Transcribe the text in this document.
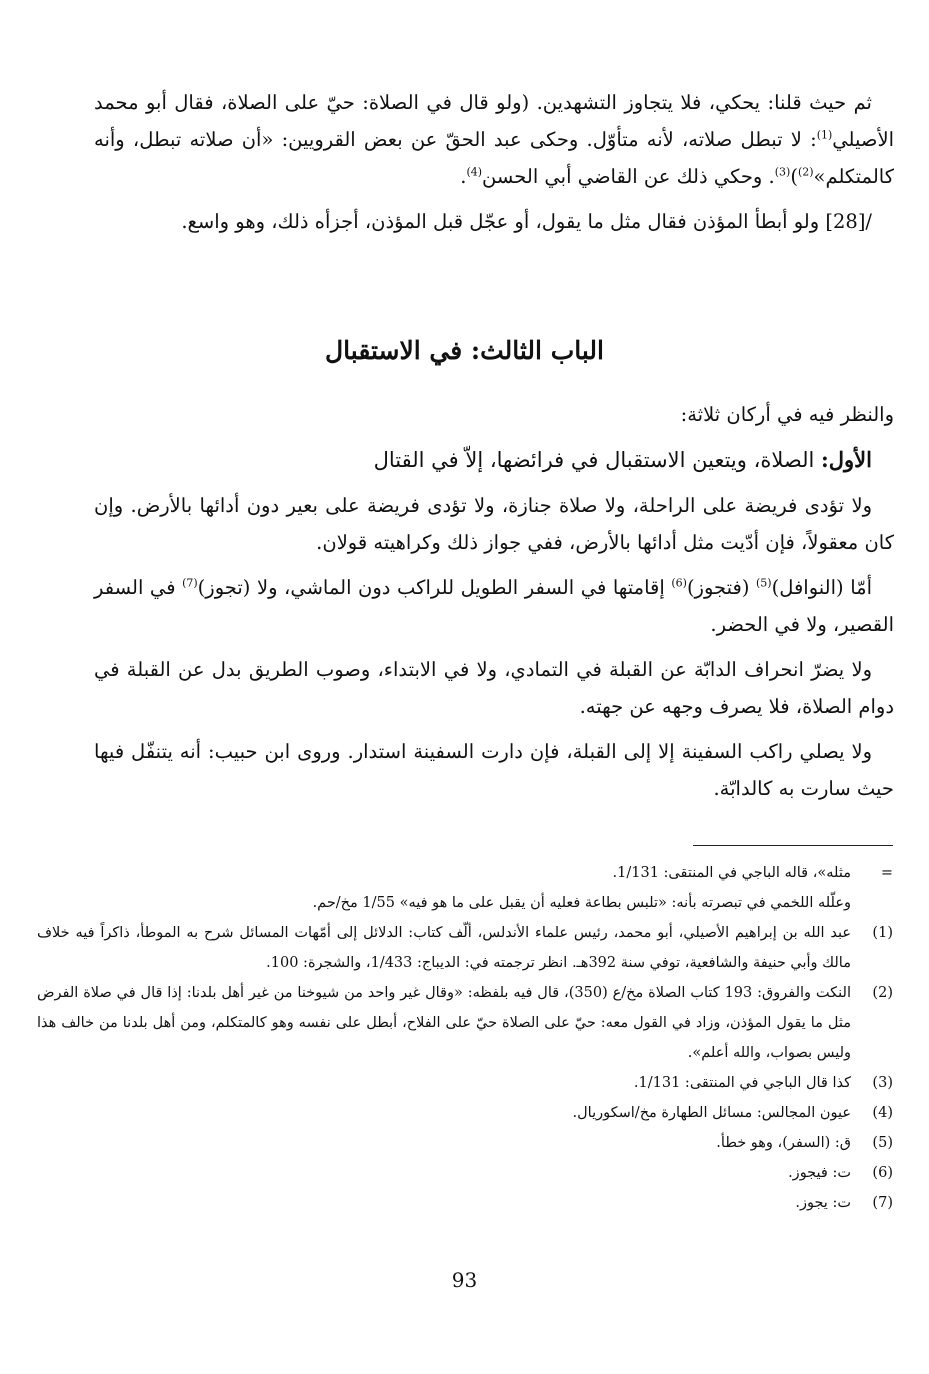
ثم حيث قلنا: يحكي، فلا يتجاوز التشهدين. (ولو قال في الصلاة: حيّ على الصلاة، فقال أبو محمد الأصيلي$^{(1)}$: لا تبطل صلاته، لأنه متأوّل. وحكى عبد الحقّ عن بعض القرويين: «أن صلاته تبطل، وأنه كالمتكلم»$^{(2)}$)$^{(3)}$. وحكي ذلك عن القاضي أبي الحسن$^{(4)}$.

/[28] ولو أبطأ المؤذن فقال مثل ما يقول، أو عجّل قبل المؤذن، أجزأه ذلك، وهو واسع.

الباب الثالث: في الاستقبال

والنظر فيه في أركان ثلاثة:

الأول: الصلاة، ويتعين الاستقبال في فرائضها، إلاّ في القتال

ولا تؤدى فريضة على الراحلة، ولا صلاة جنازة، ولا تؤدى فريضة على بعير دون أدائها بالأرض. وإن كان معقولاً، فإن أدّيت مثل أدائها بالأرض، ففي جواز ذلك وكراهيته قولان.

أمّا (النوافل)$^{(5)}$ (فتجوز)$^{(6)}$ إقامتها في السفر الطويل للراكب دون الماشي، ولا (تجوز)$^{(7)}$ في السفر القصير، ولا في الحضر.

ولا يضرّ انحراف الدابّة عن القبلة في التمادي، ولا في الابتداء، وصوب الطريق بدل عن القبلة في دوام الصلاة، فلا يصرف وجهه عن جهته.

ولا يصلي راكب السفينة إلا إلى القبلة، فإن دارت السفينة استدار. وروى ابن حبيب: أنه يتنفّل فيها حيث سارت به كالدابّة.

=
مثله»، قاله الباجي في المنتقى: 1/131.
وعلّله اللخمي في تبصرته بأنه: «تلبس بطاعة فعليه أن يقبل على ما هو فيه» 1/55 مخ/حم.
(1)
عبد الله بن إبراهيم الأصيلي، أبو محمد، رئيس علماء الأندلس، ألّف كتاب: الدلائل إلى أمّهات المسائل شرح به الموطأ، ذاكراً فيه خلاف مالك وأبي حنيفة والشافعية، توفي سنة 392هـ. انظر ترجمته في: الديباج: 1/433، والشجرة: 100.
(2)
النكت والفروق: 193 كتاب الصلاة مخ/ع (350)، قال فيه بلفظه: «وقال غير واحد من شيوخنا من غير أهل بلدنا: إذا قال في صلاة الفرض مثل ما يقول المؤذن، وزاد في القول معه: حيّ على الصلاة حيّ على الفلاح، أبطل على نفسه وهو كالمتكلم، ومن أهل بلدنا من خالف هذا وليس بصواب، والله أعلم».
(3)
كذا قال الباجي في المنتقى: 1/131.
(4)
عيون المجالس: مسائل الطهارة مخ/اسكوريال.
(5)
ق: (السفر)، وهو خطأ.
(6)
ت: فيجوز.
(7)
ت: يجوز.
93
